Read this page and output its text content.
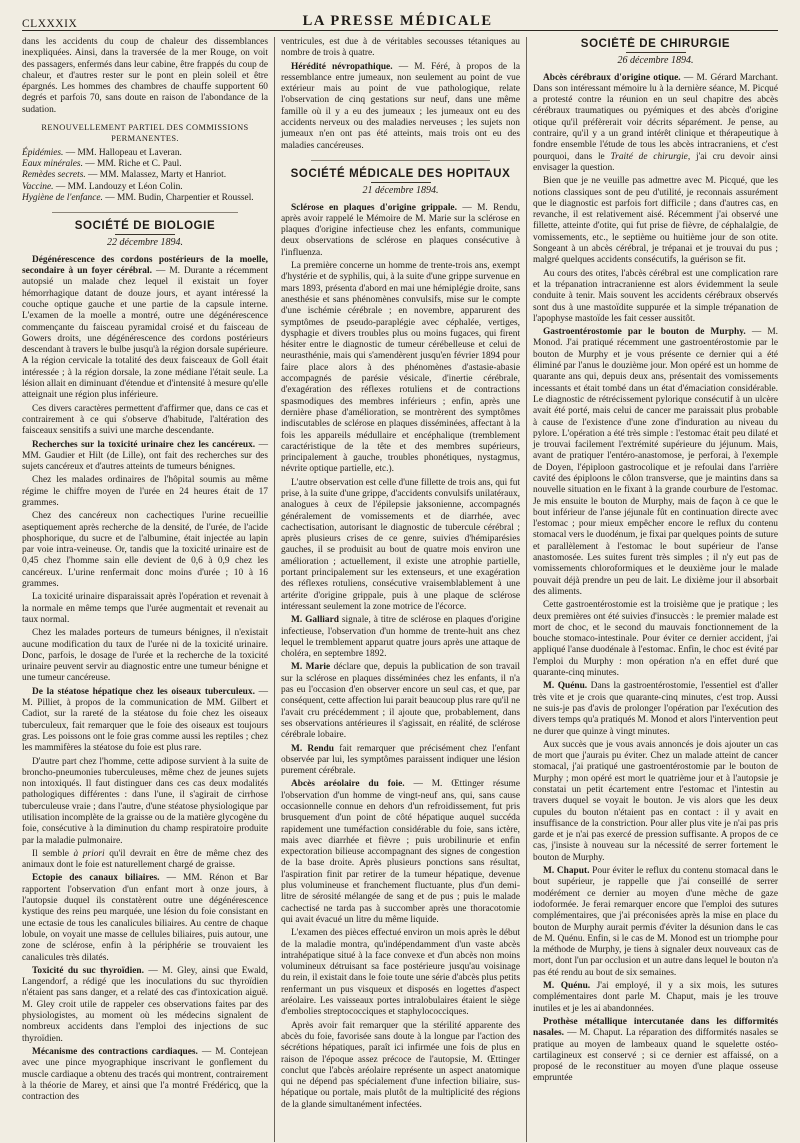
CLXXXIX	LA PRESSE MÉDICALE

dans les accidents du coup de chaleur des dissemblances inexpliquées. Ainsi, dans la traversée de la mer Rouge, on voit des passagers, enfermés dans leur cabine, être frappés du coup de chaleur, et d'autres rester sur le pont en plein soleil et être épargnés. Les hommes des chambres de chauffe supportent 60 degrés et parfois 70, sans doute en raison de l'abondance de la sudation.

RENOUVELLEMENT PARTIEL DES COMMISSIONS PERMANENTES.

Épidémies. — MM. Hallopeau et Laveran.

Eaux minérales. — MM. Riche et C. Paul.

Remèdes secrets. — MM. Malassez, Marty et Hanriot.

Vaccine. — MM. Landouzy et Léon Colin.

Hygiène de l'enfance. — MM. Budin, Charpentier et Roussel.

SOCIÉTÉ DE BIOLOGIE
22 décembre 1894.

Dégénérescence des cordons postérieurs de la moelle, secondaire à un foyer cérébral. — M. Durante a récemment autopsié un malade chez lequel il existait un foyer hémorrhagique datant de douze jours, et ayant intéressé la couche optique gauche et une partie de la capsule interne. L'examen de la moelle a montré, outre une dégénérescence commençante du faisceau pyramidal croisé et du faisceau de Gowers droits, une dégénérescence des cordons postérieurs descendant à travers le bulbe jusqu'à la région dorsale supérieure. A la région cervicale la totalité des deux faisceaux de Goll était intéressée ; à la région dorsale, la zone médiane l'était seule. La lésion allait en diminuant d'étendue et d'intensité à mesure qu'elle atteignait une région plus inférieure.

Ces divers caractères permettent d'affirmer que, dans ce cas et contrairement à ce qui s'observe d'habitude, l'altération des faisceaux sensitifs a suivi une marche descendante.

Recherches sur la toxicité urinaire chez les cancéreux. — MM. Gaudier et Hilt (de Lille), ont fait des recherches sur des sujets cancéreux et d'autres atteints de tumeurs bénignes.

Chez les malades ordinaires de l'hôpital soumis au même régime le chiffre moyen de l'urée en 24 heures était de 17 grammes.

Chez des cancéreux non cachectiques l'urine recueillie aseptiquement après recherche de la densité, de l'urée, de l'acide phosphorique, du sucre et de l'albumine, était injectée au lapin par voie intra-veineuse. Or, tandis que la toxicité urinaire est de 0,45 chez l'homme sain elle devient de 0,6 à 0,9 chez les cancéreux. L'urine renfermait donc moins d'urée ; 10 à 16 grammes.

La toxicité urinaire disparaissait après l'opération et revenait à la normale en même temps que l'urée augmentait et revenait au taux normal.

Chez les malades porteurs de tumeurs bénignes, il n'existait aucune modification du taux de l'urée ni de la toxicité urinaire. Donc, parfois, le dosage de l'urée et la recherche de la toxicité urinaire peuvent servir au diagnostic entre une tumeur bénigne et une tumeur cancéreuse.

De la stéatose hépatique chez les oiseaux tuberculeux. — M. Pilliet, à propos de la communication de MM. Gilbert et Cadiot, sur la rareté de la stéatose du foie chez les oiseaux tuberculeux, fait remarquer que le foie des oiseaux est toujours gras. Les poissons ont le foie gras comme aussi les reptiles ; chez les mammifères la stéatose du foie est plus rare.

D'autre part chez l'homme, cette adipose survient à la suite de broncho-pneumonies tuberculeuses, même chez de jeunes sujets non intoxiqués. Il faut distinguer dans ces cas deux modalités pathologiques différentes : dans l'une, il s'agirait de cirrhose tuberculeuse vraie ; dans l'autre, d'une stéatose physiologique par utilisation incomplète de la graisse ou de la matière glycogène du foie, consécutive à la diminution du champ respiratoire produite par la maladie pulmonaire.

Il semble à priori qu'il devrait en être de même chez des animaux dont le foie est naturellement chargé de graisse.

Ectopie des canaux biliaires. — MM. Rénon et Bar rapportent l'observation d'un enfant mort à onze jours, à l'autopsie duquel ils constatèrent outre une dégénérescence kystique des reins peu marquée, une lésion du foie consistant en une ectasie de tous les canalicules biliaires. Au centre de chaque lobule, on voyait une masse de cellules biliaires, puis autour, une zone de sclérose, enfin à la périphérie se trouvaient les canalicules très dilatés.

Toxicité du suc thyroïdien. — M. Gley, ainsi que Ewald, Langendorf, a rédigé que les inoculations du suc thyroïdien n'étaient pas sans danger, et a relaté des cas d'intoxication aiguë. M. Gley croit utile de rappeler ces observations faites par des physiologistes, au moment où les médecins signalent de nombreux accidents dans l'emploi des injections de suc thyroïdien.

Mécanisme des contractions cardiaques. — M. Contejean avec une pince myographique inscrivant le gonflement du muscle cardiaque a obtenu des tracés qui montrent, contrairement à la théorie de Marey, et ainsi que l'a montré Frédéricq, que la contraction des

ventricules, est due à de véritables secousses tétaniques au nombre de trois à quatre.

Hérédité névropathique. — M. Féré, à propos de la ressemblance entre jumeaux, non seulement au point de vue extérieur mais au point de vue pathologique, relate l'observation de cinq gestations sur neuf, dans une même famille où il y a eu des jumeaux ; les jumeaux ont eu des accidents nerveux ou des maladies nerveuses ; les sujets non jumeaux n'en ont pas été atteints, mais trois ont eu des maladies cancéreuses.

SOCIÉTÉ MÉDICALE DES HOPITAUX
21 décembre 1894.

Sclérose en plaques d'origine grippale. — M. Rendu, après avoir rappelé le Mémoire de M. Marie sur la sclérose en plaques d'origine infectieuse chez les enfants, communique deux observations de sclérose en plaques consécutive à l'influenza.

La première concerne un homme de trente-trois ans, exempt d'hystérie et de syphilis, qui, à la suite d'une grippe survenue en mars 1893, présenta d'abord en mai une hémiplégie droite, sans anesthésie et sans phénomènes convulsifs, mise sur le compte d'une ischémie cérébrale ; en novembre, apparurent des symptômes de pseudo-paraplégie avec céphalée, vertiges, dysphagie et divers troubles plus ou moins fugaces, qui firent hésiter entre le diagnostic de tumeur cérébelleuse et celui de neurasthénie, mais qui s'amendèrent jusqu'en février 1894 pour faire place alors à des phénomènes d'astasie-abasie accompagnés de parésie vésicale, d'inertie cérébrale, d'exagération des réflexes rotuliens et de contractions spasmodiques des membres inférieurs ; enfin, après une dernière phase d'amélioration, se montrèrent des symptômes indiscutables de sclérose en plaques disséminées, affectant à la fois les appareils médullaire et encéphalique (tremblement caractéristique de la tête et des membres supérieurs, principalement à gauche, troubles phonétiques, nystagmus, névrite optique partielle, etc.).

L'autre observation est celle d'une fillette de trois ans, qui fut prise, à la suite d'une grippe, d'accidents convulsifs unilatéraux, analogues à ceux de l'épilepsie jaksonienne, accompagnés généralement de vomissements et de diarrhée, avec cachectisation, autorisant le diagnostic de tubercule cérébral ; après plusieurs crises de ce genre, suivies d'hémiparésies gauches, il se produisit au bout de quatre mois environ une amélioration ; actuellement, il existe une atrophie partielle, portant principalement sur les extenseurs, et une exagération des réflexes rotuliens, consécutive vraisemblablement à une artérite d'origine grippale, puis à une plaque de sclérose intéressant seulement la zone motrice de l'écorce.

M. Galliard signale, à titre de sclérose en plaques d'origine infectieuse, l'observation d'un homme de trente-huit ans chez lequel le tremblement apparut quatre jours après une attaque de choléra, en septembre 1892.

M. Marie déclare que, depuis la publication de son travail sur la sclérose en plaques disséminées chez les enfants, il n'a pas eu l'occasion d'en observer encore un seul cas, et que, par conséquent, cette affection lui parait beaucoup plus rare qu'il ne l'avait cru précédemment ; il ajoute que, probablement, dans ses observations antérieures il s'agissait, en réalité, de sclérose cérébrale lobaire.

M. Rendu fait remarquer que précisément chez l'enfant observée par lui, les symptômes paraissent indiquer une lésion purement cérébrale.

Abcès aréolaire du foie. — M. Œttinger résume l'observation d'un homme de vingt-neuf ans, qui, sans cause occasionnelle connue en dehors d'un refroidissement, fut pris brusquement d'un point de côté hépatique auquel succéda rapidement une tuméfaction considérable du foie, sans ictère, mais avec diarrhée et fièvre ; puis urobilinurie et enfin expectoration bilieuse accompagnant des signes de congestion de la base droite. Après plusieurs ponctions sans résultat, l'aspiration finit par retirer de la tumeur hépatique, devenue plus volumineuse et franchement fluctuante, plus d'un demi-litre de sérosité mélangée de sang et de pus ; puis le malade cachectisé ne tarda pas à succomber après une thoracotomie qui avait évacué un litre du même liquide.

L'examen des pièces effectué environ un mois après le début de la maladie montra, qu'indépendamment d'un vaste abcès intrahépatique situé à la face convexe et d'un abcès non moins volumineux détruisant sa face postérieure jusqu'au voisinage du rein, il existait dans le foie toute une série d'abcès plus petits renfermant un pus visqueux et disposés en logettes d'aspect aréolaire. Les vaisseaux portes intralobulaires étaient le siège d'embolies streptococciques et staphylococciques.

Après avoir fait remarquer que la stérilité apparente des abcès du foie, favorisée sans doute à la longue par l'action des sécrétions hépatiques, paraît ici infirmée une fois de plus en raison de l'époque assez précoce de l'autopsie, M. Œttinger conclut que l'abcès aréolaire représente un aspect anatomique qui ne dépend pas spécialement d'une infection biliaire, sus-hépatique ou portale, mais plutôt de la multiplicité des régions de la glande simultanément infectées.

SOCIÉTÉ DE CHIRURGIE
26 décembre 1894.

Abcès cérébraux d'origine otique. — M. Gérard Marchant. Dans son intéressant mémoire lu à la dernière séance, M. Picqué a protesté contre la réunion en un seul chapitre des abcès cérébraux traumatiques ou pyémiques et des abcès d'origine otique qu'il préfèrerait voir décrits séparément. Je pense, au contraire, qu'il y a un grand intérêt clinique et thérapeutique à fondre ensemble l'étude de tous les abcès intracraniens, et c'est pourquoi, dans le Traité de chirurgie, j'ai cru devoir ainsi envisager la question.

Bien que je ne veuille pas admettre avec M. Picqué, que les notions classiques sont de peu d'utilité, je reconnais assurément que le diagnostic est parfois fort difficile ; dans d'autres cas, en revanche, il est relativement aisé. Récemment j'ai observé une fillette, atteinte d'otite, qui fut prise de fièvre, de céphalalgie, de vomissements, etc., le septième ou huitième jour de son otite. Songeant à un abcès cérébral, je trépanai et je trouvai du pus ; malgré quelques accidents consécutifs, la guérison se fit.

Au cours des otites, l'abcès cérébral est une complication rare et la trépanation intracranienne est alors évidemment la seule conduite à tenir. Mais souvent les accidents cérébraux observés sont dus à une mastoïdite suppurée et la simple trépanation de l'apophyse mastoïde les fait cesser aussitôt.

Gastroentérostomie par le bouton de Murphy. — M. Monod. J'ai pratiqué récemment une gastroentérostomie par le bouton de Murphy et je vous présente ce dernier qui a été éliminé par l'anus le douzième jour. Mon opéré est un homme de quarante ans qui, depuis deux ans, présentait des vomissements incessants et était tombé dans un état d'émaciation considérable. Le diagnostic de rétrécissement pylorique consécutif à un ulcère avait été porté, mais celui de cancer me paraissait plus probable à cause de l'existence d'une zone d'induration au niveau du pylore. L'opération a été très simple : l'estomac était peu dilaté et je trouvai facilement l'extrémité supérieure du jéjunum. Mais, avant de pratiquer l'entéro-anastomose, je perforai, à l'exemple de Doyen, l'épiploon gastrocolique et je refoulai dans l'arrière cavité des épiploons le côlon transverse, que je maintins dans sa nouvelle situation en le fixant à la grande courbure de l'estomac. Je mis ensuite le bouton de Murphy, mais de façon à ce que le bout inférieur de l'anse jéjunale fût en continuation directe avec l'estomac ; pour mieux empêcher encore le reflux du contenu stomacal vers le duodénum, je fixai par quelques points de suture et parallèlement à l'estomac le bout supérieur de l'anse anastomosée. Les suites furent très simples ; il n'y eut pas de vomissements chloroformiques et le deuxième jour le malade pouvait déjà prendre un peu de lait. Le dixième jour il absorbait des aliments.

Cette gastroentérostomie est la troisième que je pratique ; les deux premières ont été suivies d'insuccès : le premier malade est mort de choc, et le second du mauvais fonctionnement de la bouche stomaco-intestinale. Pour éviter ce dernier accident, j'ai appliqué l'anse duodénale à l'estomac. Enfin, le choc est évité par l'emploi du Murphy : mon opération n'a en effet duré que quarante-cinq minutes.

M. Quénu. Dans la gastroentérostomie, l'essentiel est d'aller très vite et je crois que quarante-cinq minutes, c'est trop. Aussi ne suis-je pas d'avis de prolonger l'opération par l'exécution des divers temps qu'a pratiqués M. Monod et alors l'intervention peut ne durer que quinze à vingt minutes.

Aux succès que je vous avais annoncés je dois ajouter un cas de mort que j'aurais pu éviter. Chez un malade atteint de cancer stomacal, j'ai pratiqué une gastroentérostomie par le bouton de Murphy ; mon opéré est mort le quatrième jour et à l'autopsie je constatai un petit écartement entre l'estomac et l'intestin au travers duquel se voyait le bouton. Je vis alors que les deux cupules du bouton n'étaient pas en contact : il y avait en insuffisance de la constriction. Pour aller plus vite je n'ai pas pris garde et je n'ai pas exercé de pression suffisante. A propos de ce cas, j'insiste à nouveau sur la nécessité de serrer fortement le bouton de Murphy.

M. Chaput. Pour éviter le reflux du contenu stomacal dans le bout supérieur, je rappelle que j'ai conseillé de serrer modérément ce dernier au moyen d'une mèche de gaze iodoformée. Je ferai remarquer encore que l'emploi des sutures complémentaires, que j'ai préconisées après la mise en place du bouton de Murphy aurait permis d'éviter la désunion dans le cas de M. Quénu. Enfin, si le cas de M. Monod est un triomphe pour la méthode de Murphy, je tiens à signaler deux nouveaux cas de mort, dont l'un par occlusion et un autre dans lequel le bouton n'a pas été rendu au bout de six semaines.

M. Quénu. J'ai employé, il y a six mois, les sutures complémentaires dont parle M. Chaput, mais je les trouve inutiles et je les ai abandonnées.

Prothèse métallique intercutanée dans les difformités nasales. — M. Chaput. La réparation des difformités nasales se pratique au moyen de lambeaux quand le squelette ostéo-cartilagineux est conservé ; si ce dernier est affaissé, on a proposé de le reconstituer au moyen d'une plaque osseuse empruntée
